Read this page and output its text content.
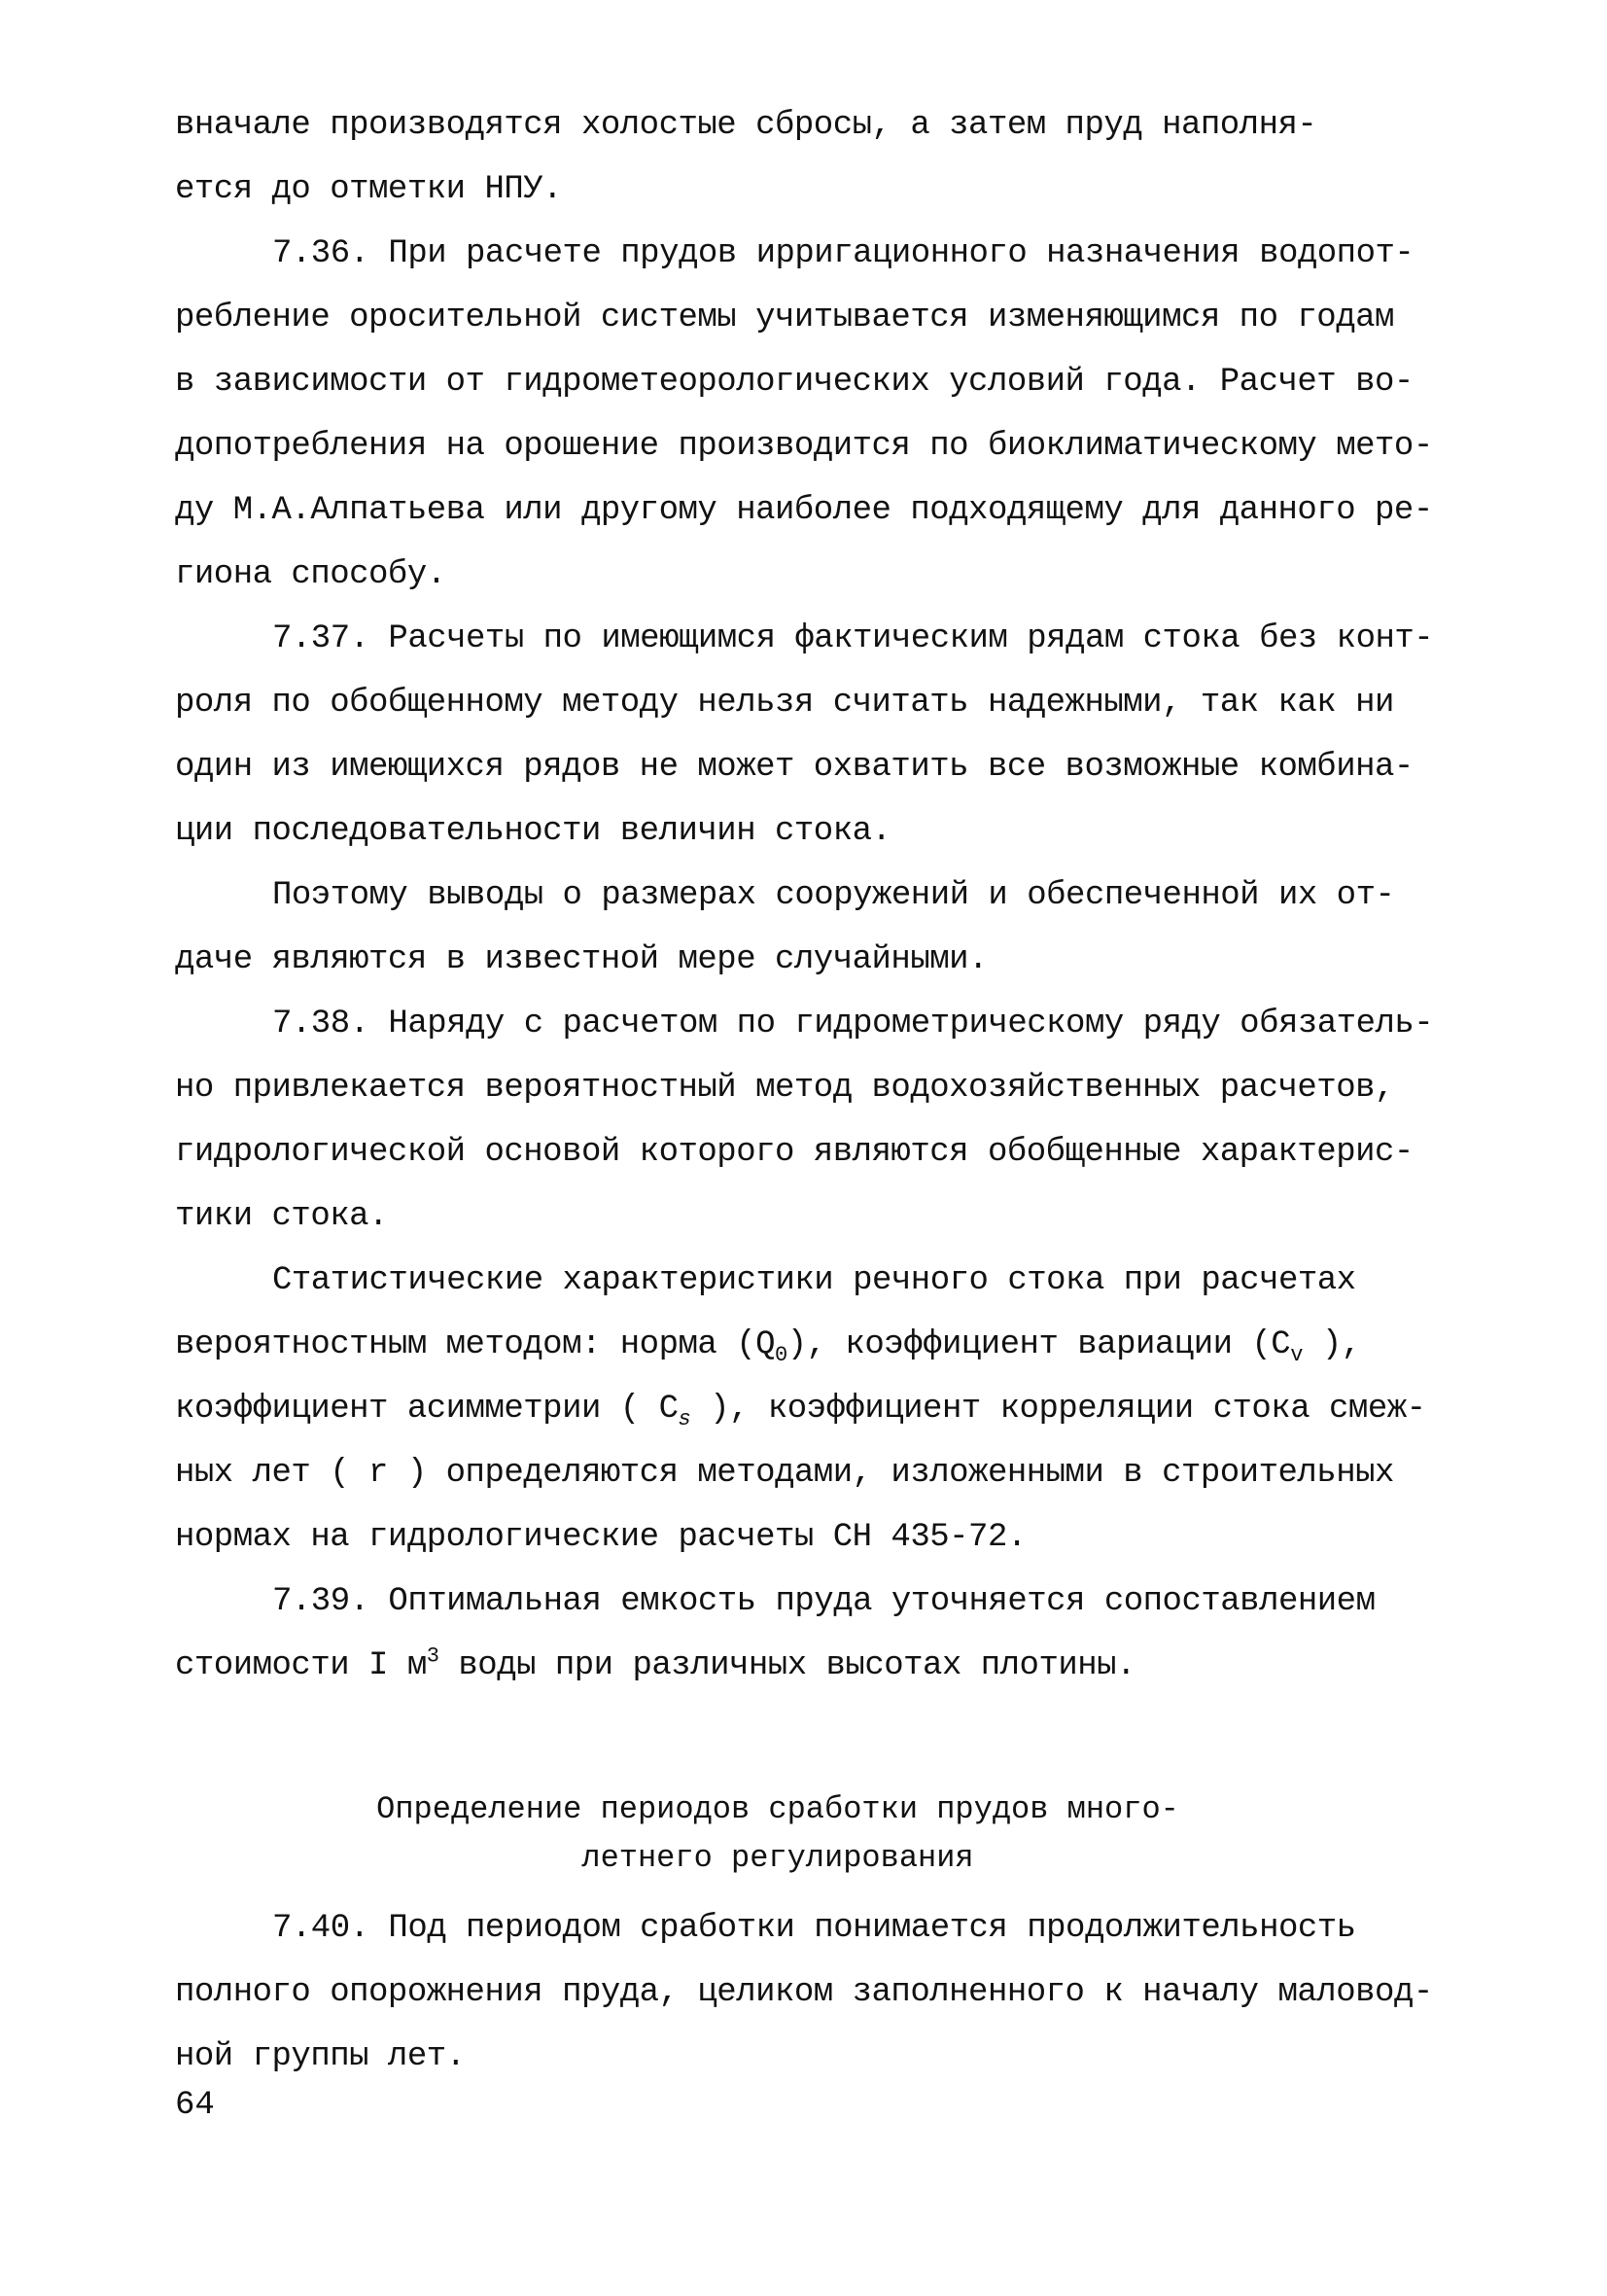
вначале производятся холостые сбросы, а затем пруд наполня-
ется до отметки НПУ.
7.36. При расчете прудов ирригационного назначения водопот-
ребление оросительной системы учитывается изменяющимся по годам
в зависимости от гидрометеорологических условий года. Расчет во-
допотребления на орошение производится по биоклиматическому мето-
ду М.А.Алпатьева или другому наиболее подходящему для данного ре-
гиона способу.
7.37. Расчеты по имеющимся фактическим рядам стока без конт-
роля по обобщенному методу нельзя считать надежными, так как ни
один из имеющихся рядов не может охватить все возможные комбина-
ции последовательности величин стока.
Поэтому выводы о размерах сооружений и обеспеченной их от-
даче являются в известной мере случайными.
7.38. Наряду с расчетом по гидрометрическому ряду обязатель-
но привлекается вероятностный метод водохозяйственных расчетов,
гидрологической основой которого являются обобщенные характерис-
тики стока.
Статистические характеристики речного стока при расчетах
вероятностным методом: норма $(Q_0)$, коэффициент вариации ($C_v$ ),
коэффициент асимметрии ( $C_s$ ), коэффициент корреляции стока смеж-
ных лет ( r ) определяются методами, изложенными в строительных
нормах на гидрологические расчеты СН 435-72.
7.39. Оптимальная емкость пруда уточняется сопоставлением
стоимости I $м^3$ воды при различных высотах плотины.
Определение периодов сработки прудов много-
летнего регулирования
7.40. Под периодом сработки понимается продолжительность
полного опорожнения пруда, целиком заполненного к началу маловод-
ной группы лет.
64
